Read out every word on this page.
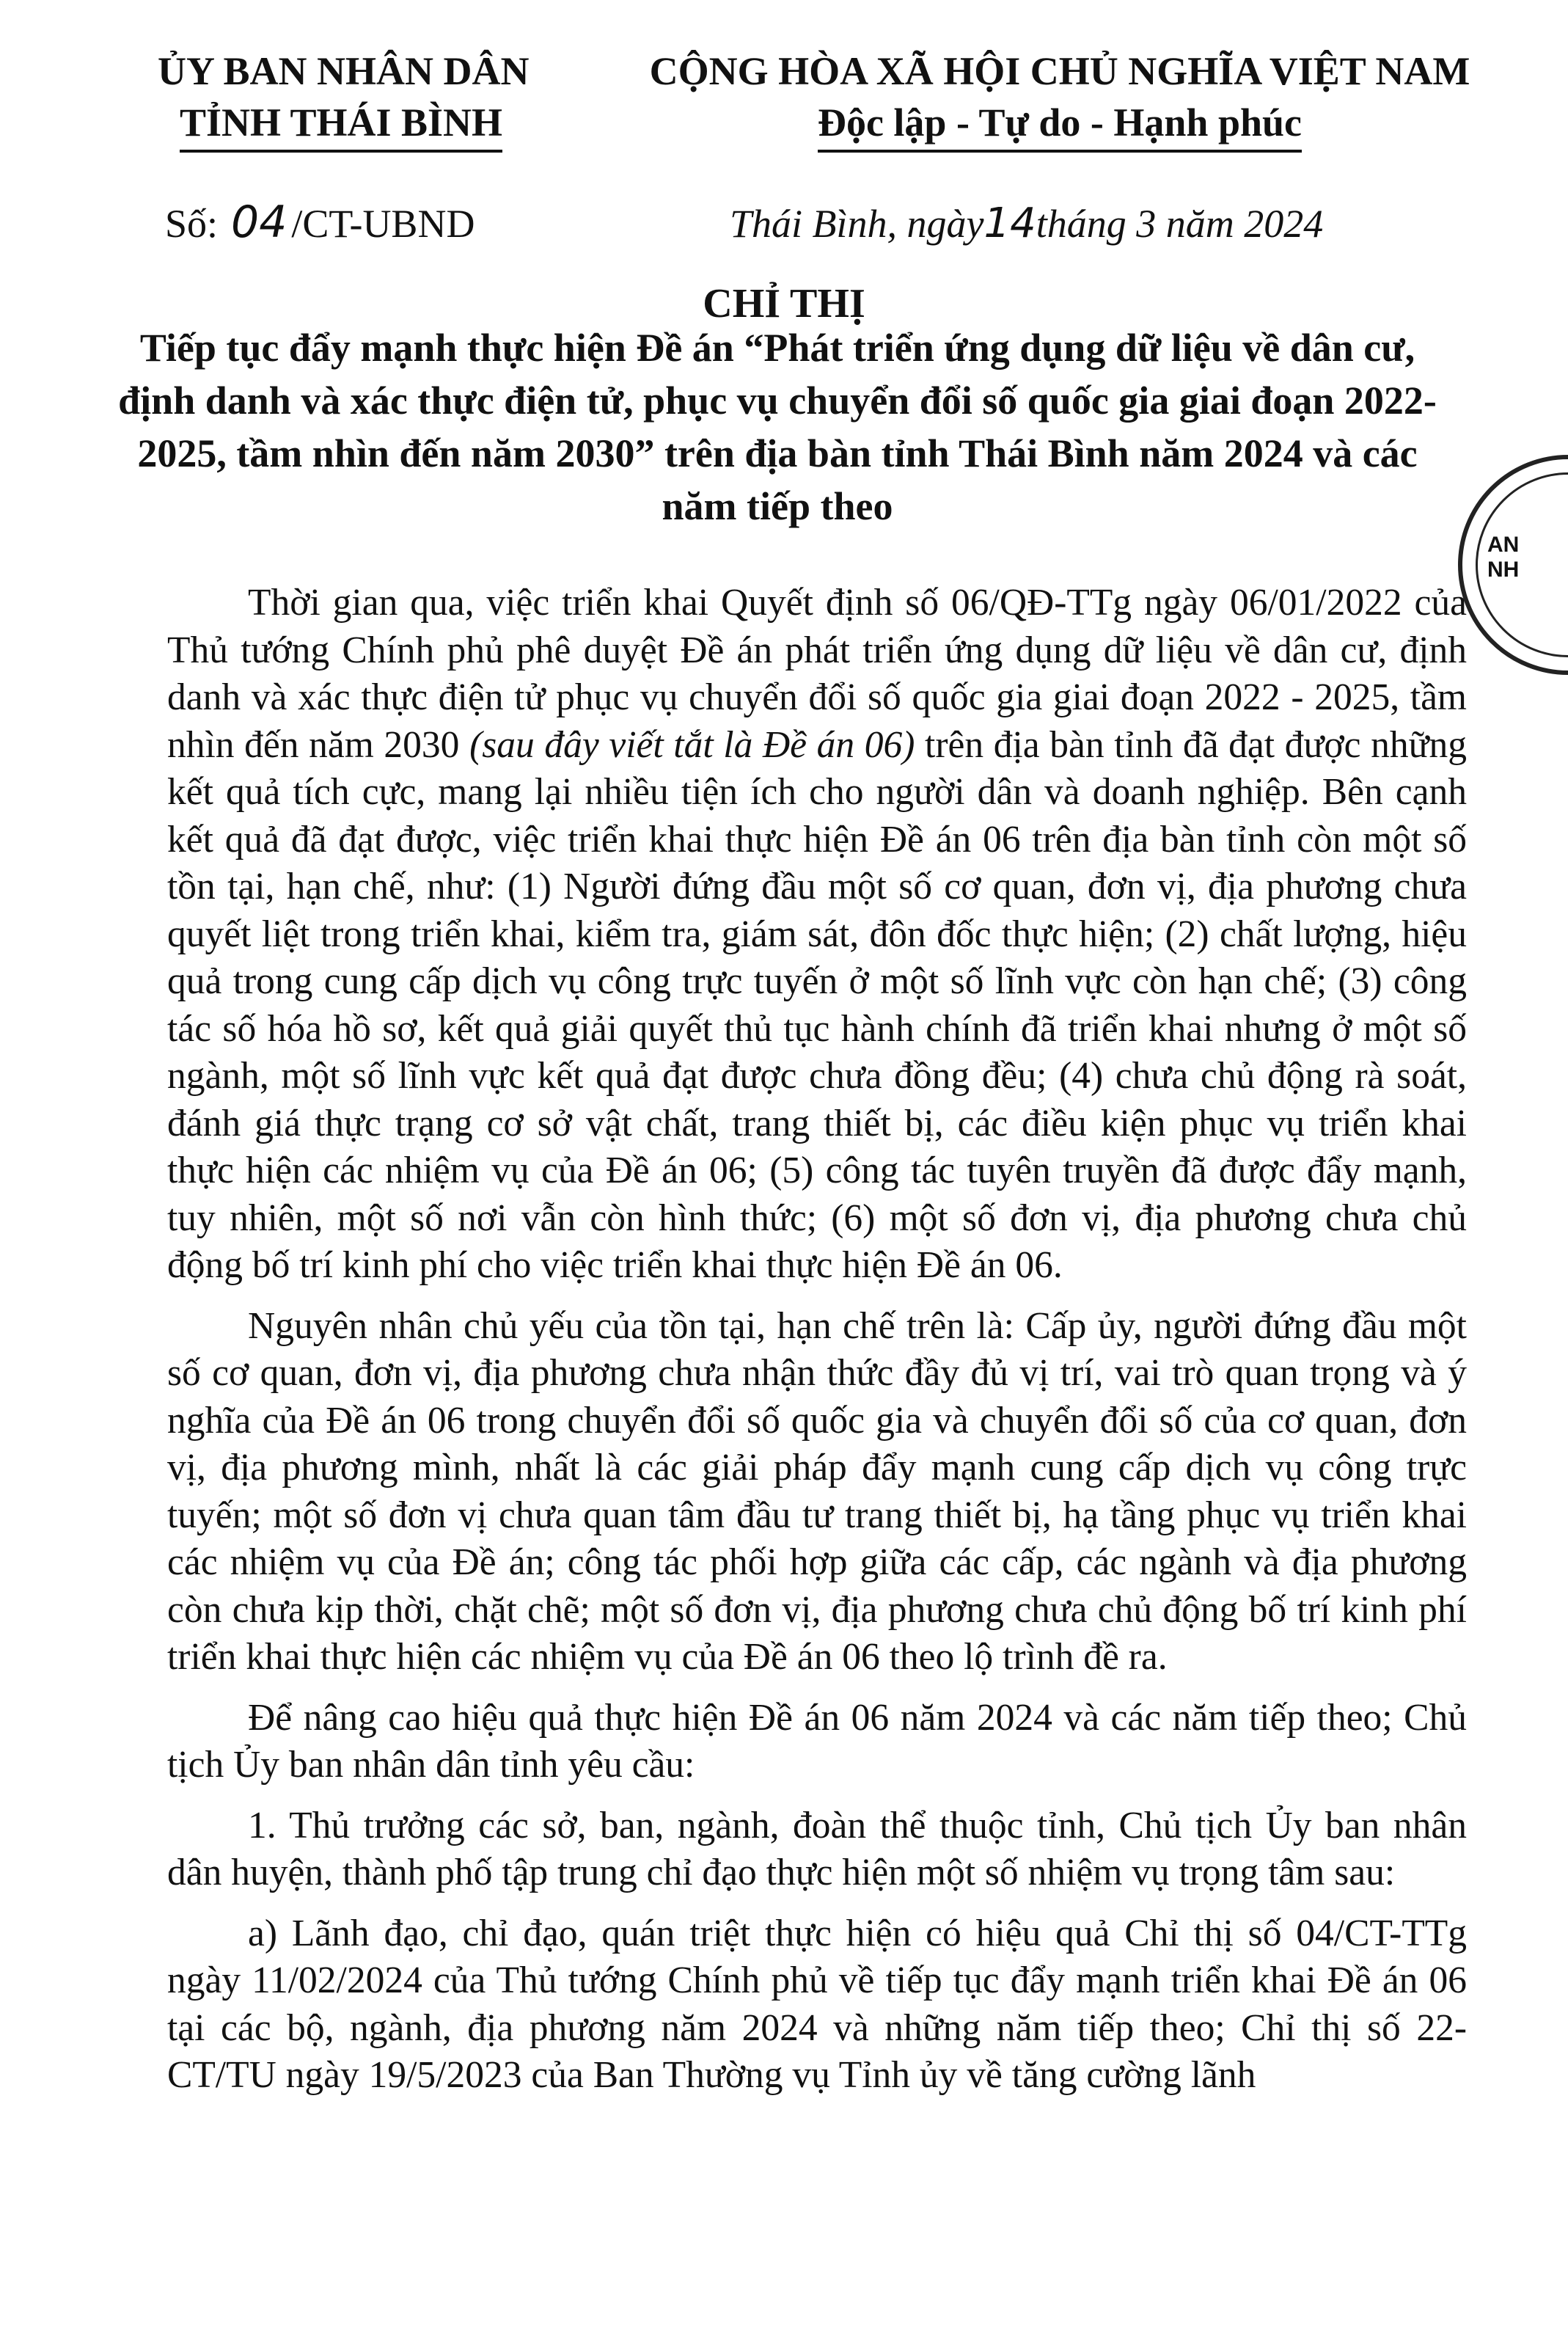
ỦY BAN NHÂN DÂN
TỈNH THÁI BÌNH
CỘNG HÒA XÃ HỘI CHỦ NGHĨA VIỆT NAM
Độc lập - Tự do - Hạnh phúc
Số: 04 /CT-UBND	Thái Bình, ngày14tháng 3 năm 2024
CHỈ THỊ
Tiếp tục đẩy mạnh thực hiện Đề án “Phát triển ứng dụng dữ liệu về dân cư, định danh và xác thực điện tử, phục vụ chuyển đổi số quốc gia giai đoạn 2022-2025, tầm nhìn đến năm 2030” trên địa bàn tỉnh Thái Bình năm 2024 và các năm tiếp theo
AN NH

Thời gian qua, việc triển khai Quyết định số 06/QĐ-TTg ngày 06/01/2022 của Thủ tướng Chính phủ phê duyệt Đề án phát triển ứng dụng dữ liệu về dân cư, định danh và xác thực điện tử phục vụ chuyển đổi số quốc gia giai đoạn 2022 - 2025, tầm nhìn đến năm 2030 (sau đây viết tắt là Đề án 06) trên địa bàn tỉnh đã đạt được những kết quả tích cực, mang lại nhiều tiện ích cho người dân và doanh nghiệp. Bên cạnh kết quả đã đạt được, việc triển khai thực hiện Đề án 06 trên địa bàn tỉnh còn một số tồn tại, hạn chế, như: (1) Người đứng đầu một số cơ quan, đơn vị, địa phương chưa quyết liệt trong triển khai, kiểm tra, giám sát, đôn đốc thực hiện; (2) chất lượng, hiệu quả trong cung cấp dịch vụ công trực tuyến ở một số lĩnh vực còn hạn chế; (3) công tác số hóa hồ sơ, kết quả giải quyết thủ tục hành chính đã triển khai nhưng ở một số ngành, một số lĩnh vực kết quả đạt được chưa đồng đều; (4) chưa chủ động rà soát, đánh giá thực trạng cơ sở vật chất, trang thiết bị, các điều kiện phục vụ triển khai thực hiện các nhiệm vụ của Đề án 06; (5) công tác tuyên truyền đã được đẩy mạnh, tuy nhiên, một số nơi vẫn còn hình thức; (6) một số đơn vị, địa phương chưa chủ động bố trí kinh phí cho việc triển khai thực hiện Đề án 06.

Nguyên nhân chủ yếu của tồn tại, hạn chế trên là: Cấp ủy, người đứng đầu một số cơ quan, đơn vị, địa phương chưa nhận thức đầy đủ vị trí, vai trò quan trọng và ý nghĩa của Đề án 06 trong chuyển đổi số quốc gia và chuyển đổi số của cơ quan, đơn vị, địa phương mình, nhất là các giải pháp đẩy mạnh cung cấp dịch vụ công trực tuyến; một số đơn vị chưa quan tâm đầu tư trang thiết bị, hạ tầng phục vụ triển khai các nhiệm vụ của Đề án; công tác phối hợp giữa các cấp, các ngành và địa phương còn chưa kịp thời, chặt chẽ; một số đơn vị, địa phương chưa chủ động bố trí kinh phí triển khai thực hiện các nhiệm vụ của Đề án 06 theo lộ trình đề ra.

Để nâng cao hiệu quả thực hiện Đề án 06 năm 2024 và các năm tiếp theo; Chủ tịch Ủy ban nhân dân tỉnh yêu cầu:

1. Thủ trưởng các sở, ban, ngành, đoàn thể thuộc tỉnh, Chủ tịch Ủy ban nhân dân huyện, thành phố tập trung chỉ đạo thực hiện một số nhiệm vụ trọng tâm sau:

a) Lãnh đạo, chỉ đạo, quán triệt thực hiện có hiệu quả Chỉ thị số 04/CT-TTg ngày 11/02/2024 của Thủ tướng Chính phủ về tiếp tục đẩy mạnh triển khai Đề án 06 tại các bộ, ngành, địa phương năm 2024 và những năm tiếp theo; Chỉ thị số 22-CT/TU ngày 19/5/2023 của Ban Thường vụ Tỉnh ủy về tăng cường lãnh
